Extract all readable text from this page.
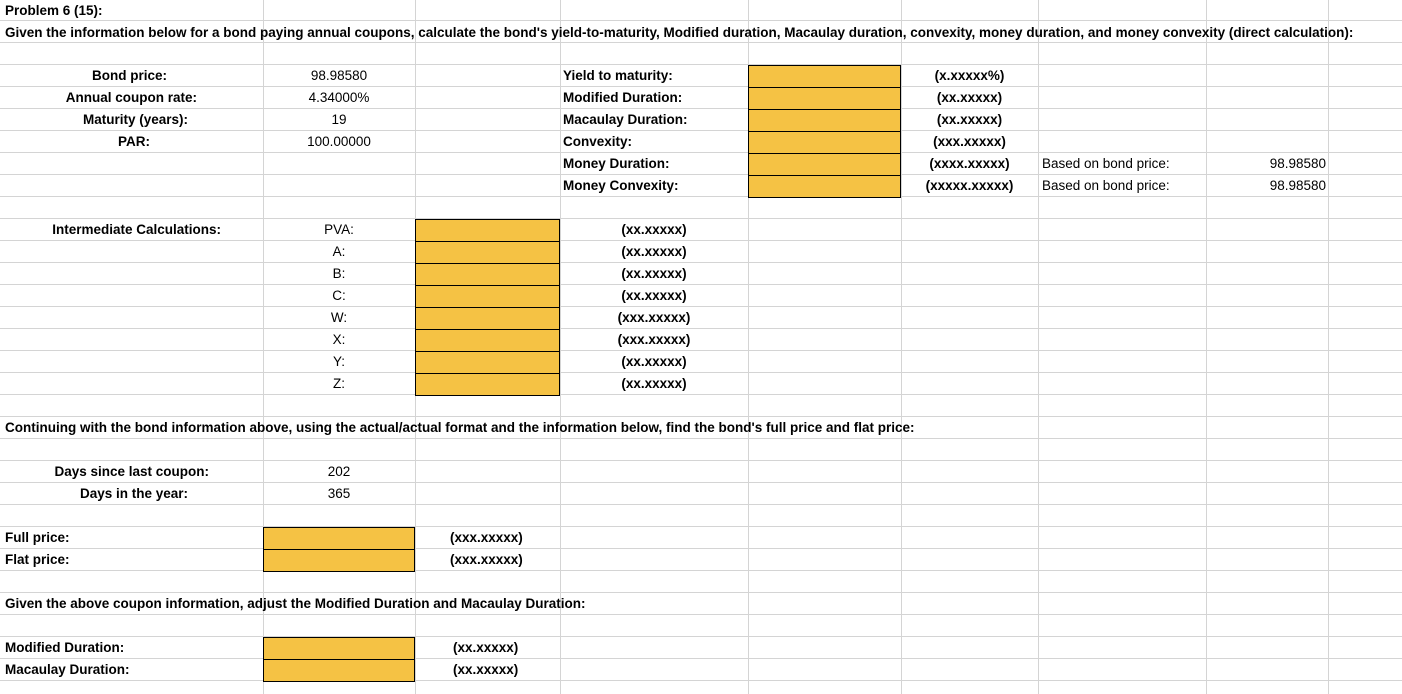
Problem 6 (15):
Given the information below for a bond paying annual coupons, calculate the bond's yield-to-maturity, Modified duration, Macaulay duration, convexity, money duration, and money convexity (direct calculation):
Bond price:	98.98580
Annual coupon rate:	4.34000%
Maturity (years):	19
PAR:	100.00000
Yield to maturity:	(x.xxxxx%)
Modified Duration:	(xx.xxxxx)
Macaulay Duration:	(xx.xxxxx)
Convexity:	(xxx.xxxxx)
Money Duration:	(xxxx.xxxxx)	Based on bond price:	98.98580
Money Convexity:	(xxxxx.xxxxx)	Based on bond price:	98.98580
Intermediate Calculations:	PVA:	(xx.xxxxx)
A:	(xx.xxxxx)
B:	(xx.xxxxx)
C:	(xx.xxxxx)
W:	(xxx.xxxxx)
X:	(xxx.xxxxx)
Y:	(xx.xxxxx)
Z:	(xx.xxxxx)
Continuing with the bond information above, using the actual/actual format and the information below, find the bond's full price and flat price:
Days since last coupon:	202
Days in the year:	365
Full price:	(xxx.xxxxx)
Flat price:	(xxx.xxxxx)
Given the above coupon information, adjust the Modified Duration and Macaulay Duration:
Modified Duration:	(xx.xxxxx)
Macaulay Duration:	(xx.xxxxx)
